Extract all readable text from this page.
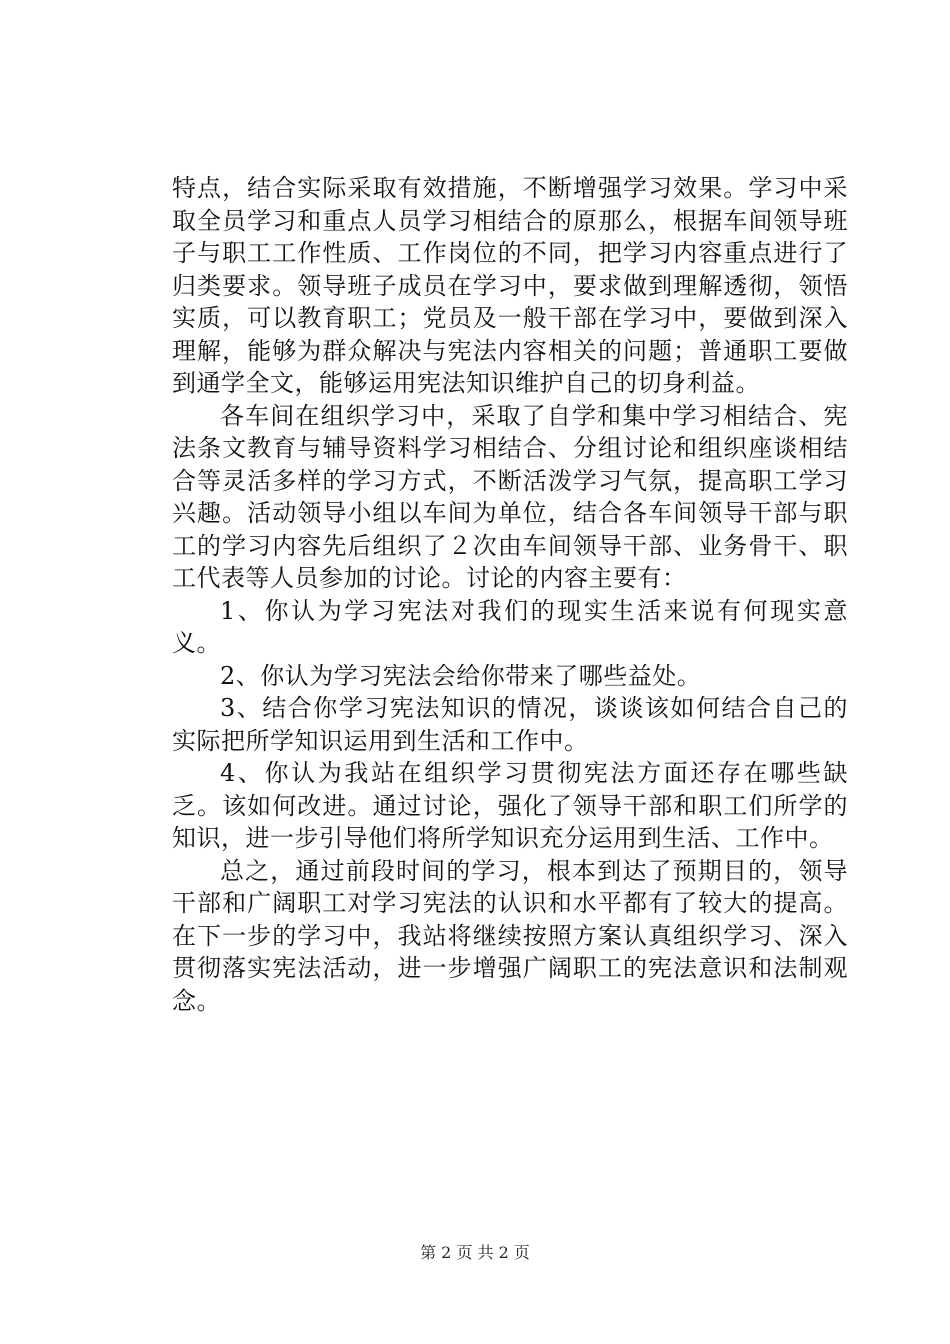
特点，结合实际采取有效措施，不断增强学习效果。学习中采取全员学习和重点人员学习相结合的原那么，根据车间领导班子与职工工作性质、工作岗位的不同，把学习内容重点进行了归类要求。领导班子成员在学习中，要求做到理解透彻，领悟实质，可以教育职工；党员及一般干部在学习中，要做到深入理解，能够为群众解决与宪法内容相关的问题；普通职工要做到通学全文，能够运用宪法知识维护自己的切身利益。

各车间在组织学习中，采取了自学和集中学习相结合、宪法条文教育与辅导资料学习相结合、分组讨论和组织座谈相结合等灵活多样的学习方式，不断活泼学习气氛，提高职工学习兴趣。活动领导小组以车间为单位，结合各车间领导干部与职工的学习内容先后组织了２次由车间领导干部、业务骨干、职工代表等人员参加的讨论。讨论的内容主要有：

1、你认为学习宪法对我们的现实生活来说有何现实意义。

2、你认为学习宪法会给你带来了哪些益处。

3、结合你学习宪法知识的情况，谈谈该如何结合自己的实际把所学知识运用到生活和工作中。

4、你认为我站在组织学习贯彻宪法方面还存在哪些缺乏。该如何改进。通过讨论，强化了领导干部和职工们所学的知识，进一步引导他们将所学知识充分运用到生活、工作中。

总之，通过前段时间的学习，根本到达了预期目的，领导干部和广阔职工对学习宪法的认识和水平都有了较大的提高。在下一步的学习中，我站将继续按照方案认真组织学习、深入贯彻落实宪法活动，进一步增强广阔职工的宪法意识和法制观念。

第 2 页 共 2 页
